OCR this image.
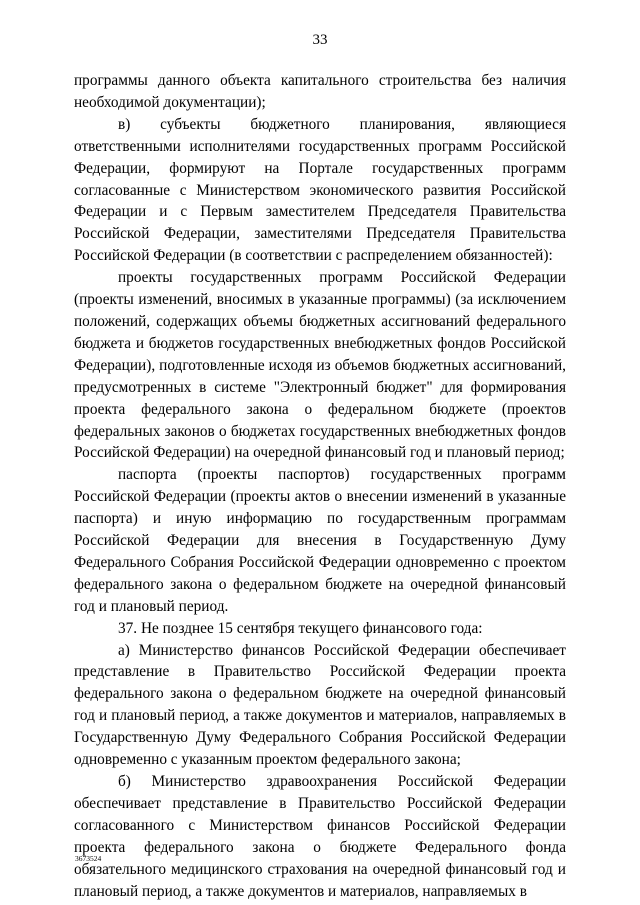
33

программы данного объекта капитального строительства без наличия необходимой документации);

в) субъекты бюджетного планирования, являющиеся ответственными исполнителями государственных программ Российской Федерации, формируют на Портале государственных программ согласованные с Министерством экономического развития Российской Федерации и с Первым заместителем Председателя Правительства Российской Федерации, заместителями Председателя Правительства Российской Федерации (в соответствии с распределением обязанностей):

проекты государственных программ Российской Федерации (проекты изменений, вносимых в указанные программы) (за исключением положений, содержащих объемы бюджетных ассигнований федерального бюджета и бюджетов государственных внебюджетных фондов Российской Федерации), подготовленные исходя из объемов бюджетных ассигнований, предусмотренных в системе "Электронный бюджет" для формирования проекта федерального закона о федеральном бюджете (проектов федеральных законов о бюджетах государственных внебюджетных фондов Российской Федерации) на очередной финансовый год и плановый период;

паспорта (проекты паспортов) государственных программ Российской Федерации (проекты актов о внесении изменений в указанные паспорта) и иную информацию по государственным программам Российской Федерации для внесения в Государственную Думу Федерального Собрания Российской Федерации одновременно с проектом федерального закона о федеральном бюджете на очередной финансовый год и плановый период.

37. Не позднее 15 сентября текущего финансового года:

а) Министерство финансов Российской Федерации обеспечивает представление в Правительство Российской Федерации проекта федерального закона о федеральном бюджете на очередной финансовый год и плановый период, а также документов и материалов, направляемых в Государственную Думу Федерального Собрания Российской Федерации одновременно с указанным проектом федерального закона;

б) Министерство здравоохранения Российской Федерации обеспечивает представление в Правительство Российской Федерации согласованного с Министерством финансов Российской Федерации проекта федерального закона о бюджете Федерального фонда обязательного медицинского страхования на очередной финансовый год и плановый период, а также документов и материалов, направляемых в

3673524
